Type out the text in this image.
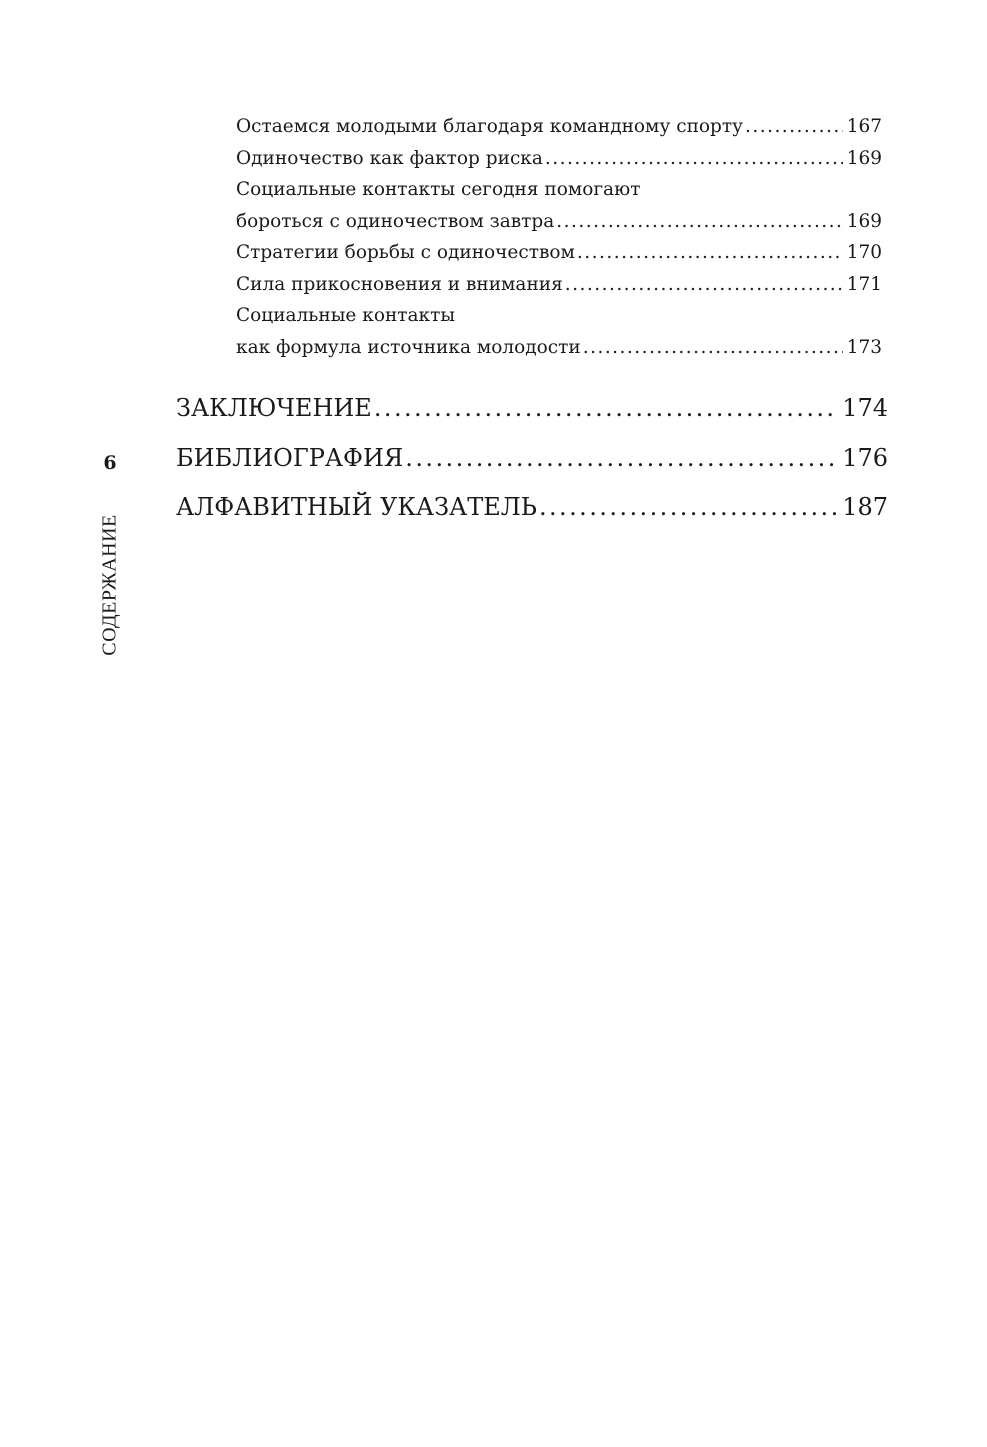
6
СОДЕРЖАНИЕ
Остаемся молодыми благодаря командному спорту . . .	167
Одиночество как фактор риска . . .	169
Социальные контакты сегодня помогают
бороться с одиночеством завтра . . .	169
Стратегии борьбы с одиночеством . . .	170
Сила прикосновения и внимания . . .	171
Социальные контакты
как формула источника молодости . . .	173
ЗАКЛЮЧЕНИЕ . . .	174
БИБЛИОГРАФИЯ . . .	176
АЛФАВИТНЫЙ УКАЗАТЕЛЬ . . .	187
